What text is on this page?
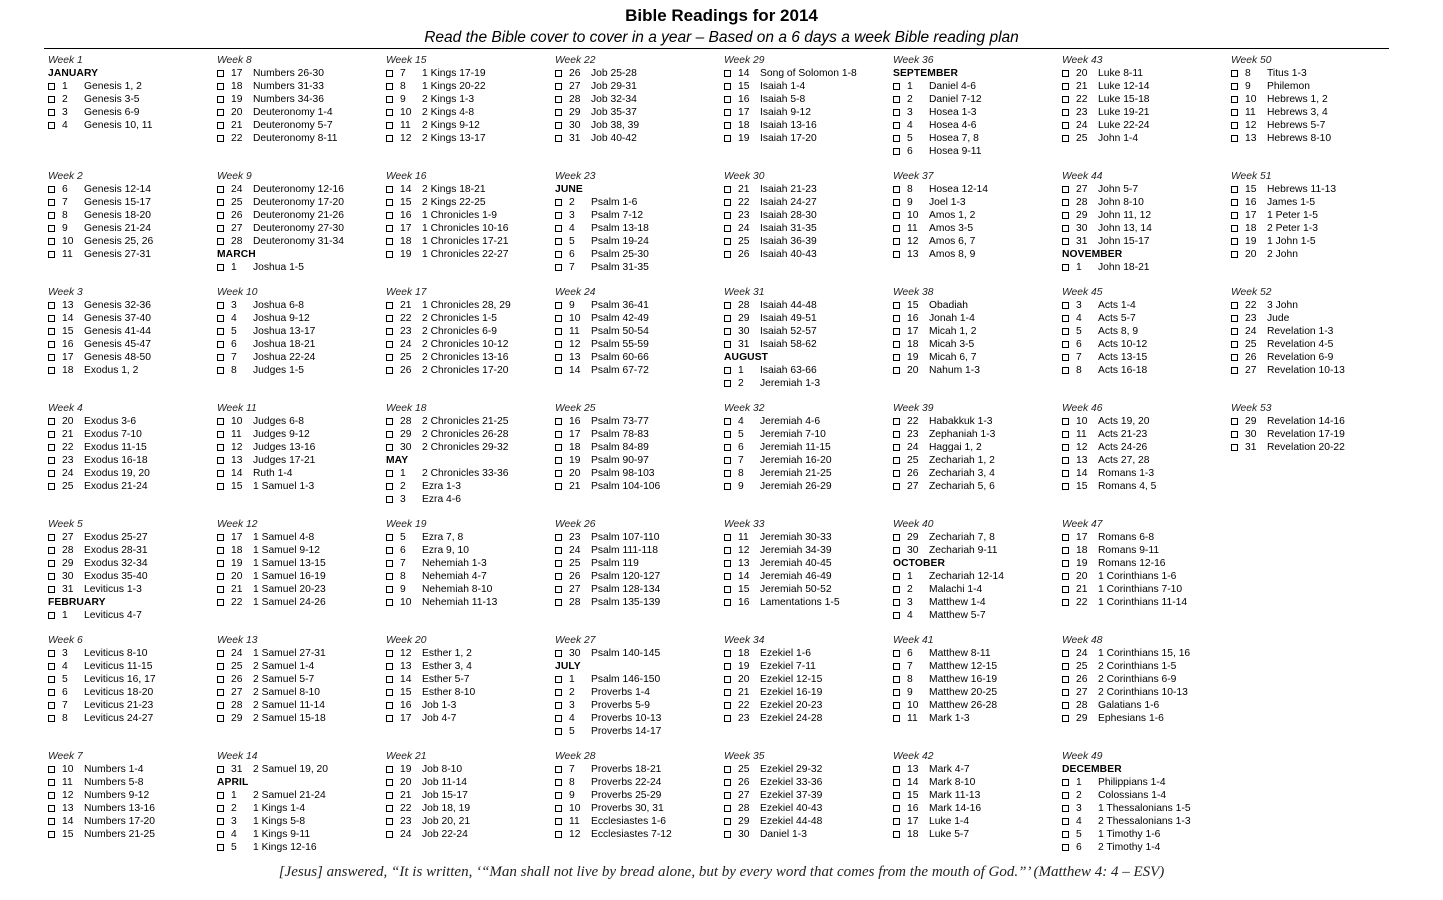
Bible Readings for 2014
Read the Bible cover to cover in a year – Based on a 6 days a week Bible reading plan
Week 1
JANUARY
1	Genesis 1, 2
2	Genesis 3-5
3	Genesis 6-9
4	Genesis 10, 11
Week 2
6	Genesis 12-14
7	Genesis 15-17
8	Genesis 18-20
9	Genesis 21-24
10	Genesis 25, 26
11	Genesis 27-31
Week 3
13	Genesis 32-36
14	Genesis 37-40
15	Genesis 41-44
16	Genesis 45-47
17	Genesis 48-50
18	Exodus 1, 2
Week 4
20	Exodus 3-6
21	Exodus 7-10
22	Exodus 11-15
23	Exodus 16-18
24	Exodus 19, 20
25	Exodus 21-24
Week 5
27	Exodus 25-27
28	Exodus 28-31
29	Exodus 32-34
30	Exodus 35-40
31	Leviticus 1-3
FEBRUARY
1	Leviticus 4-7
Week 6
3	Leviticus 8-10
4	Leviticus 11-15
5	Leviticus 16, 17
6	Leviticus 18-20
7	Leviticus 21-23
8	Leviticus 24-27
Week 7
10	Numbers 1-4
11	Numbers 5-8
12	Numbers 9-12
13	Numbers 13-16
14	Numbers 17-20
15	Numbers 21-25
Week 8
17	Numbers 26-30
18	Numbers 31-33
19	Numbers 34-36
20	Deuteronomy 1-4
21	Deuteronomy 5-7
22	Deuteronomy 8-11
Week 9
24	Deuteronomy 12-16
25	Deuteronomy 17-20
26	Deuteronomy 21-26
27	Deuteronomy 27-30
28	Deuteronomy 31-34
MARCH
1	Joshua 1-5
Week 10
3	Joshua 6-8
4	Joshua 9-12
5	Joshua 13-17
6	Joshua 18-21
7	Joshua 22-24
8	Judges 1-5
Week 11
10	Judges 6-8
11	Judges 9-12
12	Judges 13-16
13	Judges 17-21
14	Ruth 1-4
15	1 Samuel 1-3
Week 12
17	1 Samuel 4-8
18	1 Samuel 9-12
19	1 Samuel 13-15
20	1 Samuel 16-19
21	1 Samuel 20-23
22	1 Samuel 24-26
Week 13
24	1 Samuel 27-31
25	2 Samuel 1-4
26	2 Samuel 5-7
27	2 Samuel 8-10
28	2 Samuel 11-14
29	2 Samuel 15-18
Week 14
31	2 Samuel 19, 20
APRIL
1	2 Samuel 21-24
2	1 Kings 1-4
3	1 Kings 5-8
4	1 Kings 9-11
5	1 Kings 12-16
Week 15
7	1 Kings 17-19
8	1 Kings 20-22
9	2 Kings 1-3
10	2 Kings 4-8
11	2 Kings 9-12
12	2 Kings 13-17
Week 16
14	2 Kings 18-21
15	2 Kings 22-25
16	1 Chronicles 1-9
17	1 Chronicles 10-16
18	1 Chronicles 17-21
19	1 Chronicles 22-27
Week 17
21	1 Chronicles 28, 29
22	2 Chronicles 1-5
23	2 Chronicles 6-9
24	2 Chronicles 10-12
25	2 Chronicles 13-16
26	2 Chronicles 17-20
Week 18
28	2 Chronicles 21-25
29	2 Chronicles 26-28
30	2 Chronicles 29-32
MAY
1	2 Chronicles 33-36
2	Ezra 1-3
3	Ezra 4-6
Week 19
5	Ezra 7, 8
6	Ezra 9, 10
7	Nehemiah 1-3
8	Nehemiah 4-7
9	Nehemiah 8-10
10	Nehemiah 11-13
Week 20
12	Esther 1, 2
13	Esther 3, 4
14	Esther 5-7
15	Esther 8-10
16	Job 1-3
17	Job 4-7
Week 21
19	Job 8-10
20	Job 11-14
21	Job 15-17
22	Job 18, 19
23	Job 20, 21
24	Job 22-24
Week 22
26	Job 25-28
27	Job 29-31
28	Job 32-34
29	Job 35-37
30	Job 38, 39
31	Job 40-42
Week 23
JUNE
2	Psalm 1-6
3	Psalm 7-12
4	Psalm 13-18
5	Psalm 19-24
6	Psalm 25-30
7	Psalm 31-35
Week 24
9	Psalm 36-41
10	Psalm 42-49
11	Psalm 50-54
12	Psalm 55-59
13	Psalm 60-66
14	Psalm 67-72
Week 25
16	Psalm 73-77
17	Psalm 78-83
18	Psalm 84-89
19	Psalm 90-97
20	Psalm 98-103
21	Psalm 104-106
Week 26
23	Psalm 107-110
24	Psalm 111-118
25	Psalm 119
26	Psalm 120-127
27	Psalm 128-134
28	Psalm 135-139
Week 27
30	Psalm 140-145
JULY
1	Psalm 146-150
2	Proverbs 1-4
3	Proverbs 5-9
4	Proverbs 10-13
5	Proverbs 14-17
Week 28
7	Proverbs 18-21
8	Proverbs 22-24
9	Proverbs 25-29
10	Proverbs 30, 31
11	Ecclesiastes 1-6
12	Ecclesiastes 7-12
Week 29
14	Song of Solomon 1-8
15	Isaiah 1-4
16	Isaiah 5-8
17	Isaiah 9-12
18	Isaiah 13-16
19	Isaiah 17-20
Week 30
21	Isaiah 21-23
22	Isaiah 24-27
23	Isaiah 28-30
24	Isaiah 31-35
25	Isaiah 36-39
26	Isaiah 40-43
Week 31
28	Isaiah 44-48
29	Isaiah 49-51
30	Isaiah 52-57
31	Isaiah 58-62
AUGUST
1	Isaiah 63-66
2	Jeremiah 1-3
Week 32
4	Jeremiah 4-6
5	Jeremiah 7-10
6	Jeremiah 11-15
7	Jeremiah 16-20
8	Jeremiah 21-25
9	Jeremiah 26-29
Week 33
11	Jeremiah 30-33
12	Jeremiah 34-39
13	Jeremiah 40-45
14	Jeremiah 46-49
15	Jeremiah 50-52
16	Lamentations 1-5
Week 34
18	Ezekiel 1-6
19	Ezekiel 7-11
20	Ezekiel 12-15
21	Ezekiel 16-19
22	Ezekiel 20-23
23	Ezekiel 24-28
Week 35
25	Ezekiel 29-32
26	Ezekiel 33-36
27	Ezekiel 37-39
28	Ezekiel 40-43
29	Ezekiel 44-48
30	Daniel 1-3
Week 36
SEPTEMBER
1	Daniel 4-6
2	Daniel 7-12
3	Hosea 1-3
4	Hosea 4-6
5	Hosea 7, 8
6	Hosea 9-11
Week 37
8	Hosea 12-14
9	Joel 1-3
10	Amos 1, 2
11	Amos 3-5
12	Amos 6, 7
13	Amos 8, 9
Week 38
15	Obadiah
16	Jonah 1-4
17	Micah 1, 2
18	Micah 3-5
19	Micah 6, 7
20	Nahum 1-3
Week 39
22	Habakkuk 1-3
23	Zephaniah 1-3
24	Haggai 1, 2
25	Zechariah 1, 2
26	Zechariah 3, 4
27	Zechariah 5, 6
Week 40
29	Zechariah 7, 8
30	Zechariah 9-11
OCTOBER
1	Zechariah 12-14
2	Malachi 1-4
3	Matthew 1-4
4	Matthew 5-7
Week 41
6	Matthew 8-11
7	Matthew 12-15
8	Matthew 16-19
9	Matthew 20-25
10	Matthew 26-28
11	Mark 1-3
Week 42
13	Mark 4-7
14	Mark 8-10
15	Mark 11-13
16	Mark 14-16
17	Luke 1-4
18	Luke 5-7
Week 43
20	Luke 8-11
21	Luke 12-14
22	Luke 15-18
23	Luke 19-21
24	Luke 22-24
25	John 1-4
Week 44
27	John 5-7
28	John 8-10
29	John 11, 12
30	John 13, 14
31	John 15-17
NOVEMBER
1	John 18-21
Week 45
3	Acts 1-4
4	Acts 5-7
5	Acts 8, 9
6	Acts 10-12
7	Acts 13-15
8	Acts 16-18
Week 46
10	Acts 19, 20
11	Acts 21-23
12	Acts 24-26
13	Acts 27, 28
14	Romans 1-3
15	Romans 4, 5
Week 47
17	Romans 6-8
18	Romans 9-11
19	Romans 12-16
20	1 Corinthians 1-6
21	1 Corinthians 7-10
22	1 Corinthians 11-14
Week 48
24	1 Corinthians 15, 16
25	2 Corinthians 1-5
26	2 Corinthians 6-9
27	2 Corinthians 10-13
28	Galatians 1-6
29	Ephesians 1-6
Week 49
DECEMBER
1	Philippians 1-4
2	Colossians 1-4
3	1 Thessalonians 1-5
4	2 Thessalonians 1-3
5	1 Timothy 1-6
6	2 Timothy 1-4
Week 50
8	Titus 1-3
9	Philemon
10	Hebrews 1, 2
11	Hebrews 3, 4
12	Hebrews 5-7
13	Hebrews 8-10
Week 51
15	Hebrews 11-13
16	James 1-5
17	1 Peter 1-5
18	2 Peter 1-3
19	1 John 1-5
20	2 John
Week 52
22	3 John
23	Jude
24	Revelation 1-3
25	Revelation 4-5
26	Revelation 6-9
27	Revelation 10-13
Week 53
29	Revelation 14-16
30	Revelation 17-19
31	Revelation 20-22
[Jesus] answered, “It is written, ‘“Man shall not live by bread alone, but by every word that comes from the mouth of God.”’ (Matthew 4: 4 – ESV)
